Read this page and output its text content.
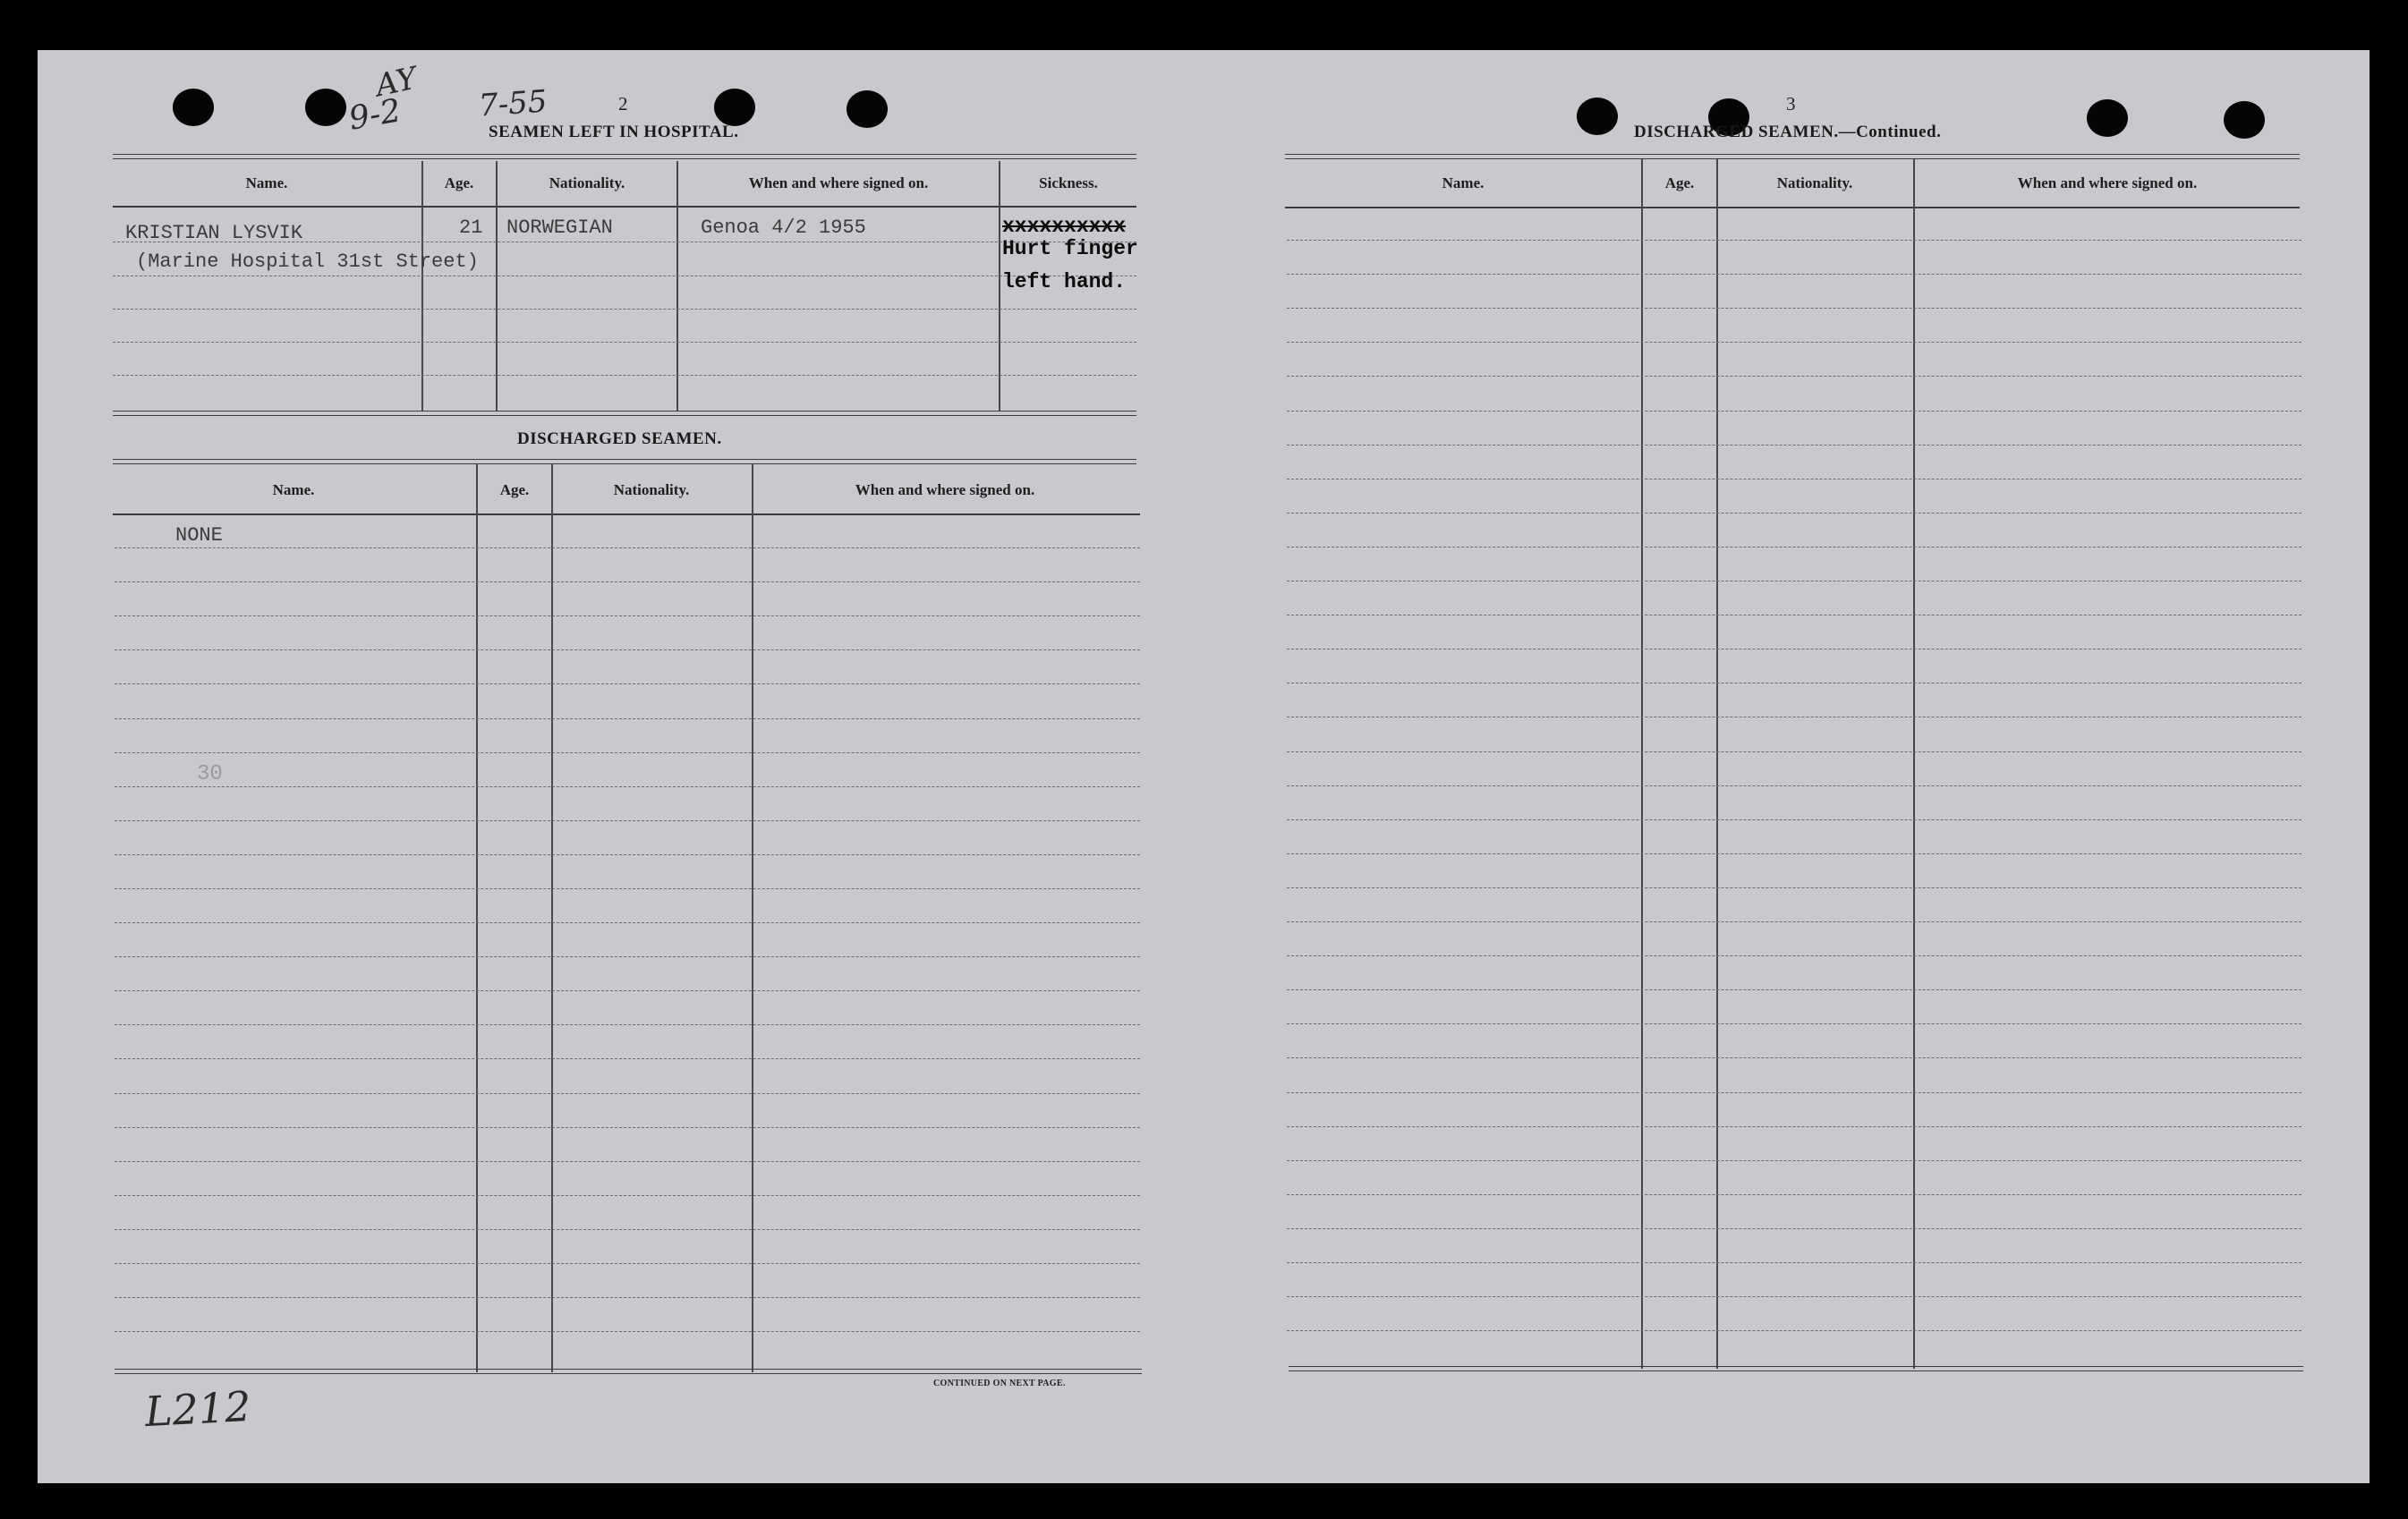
AY
9-2 7-55
L212
2
SEAMEN LEFT IN HOSPITAL.
Name.	Age.	Nationality.	When and where signed on.	Sickness.
KRISTIAN LYSVIK
(Marine Hospital 31st Street)
21 NORWEGIAN	Genoa 4/2 1955	xxxxxxxxxx
Hurt finger
left hand.
DISCHARGED SEAMEN.
Name.	Age.	Nationality.	When and where signed on.
NONE
30
CONTINUED ON NEXT PAGE.
3
DISCHARGED SEAMEN.—Continued.
Name.	Age.	Nationality.	When and where signed on.
